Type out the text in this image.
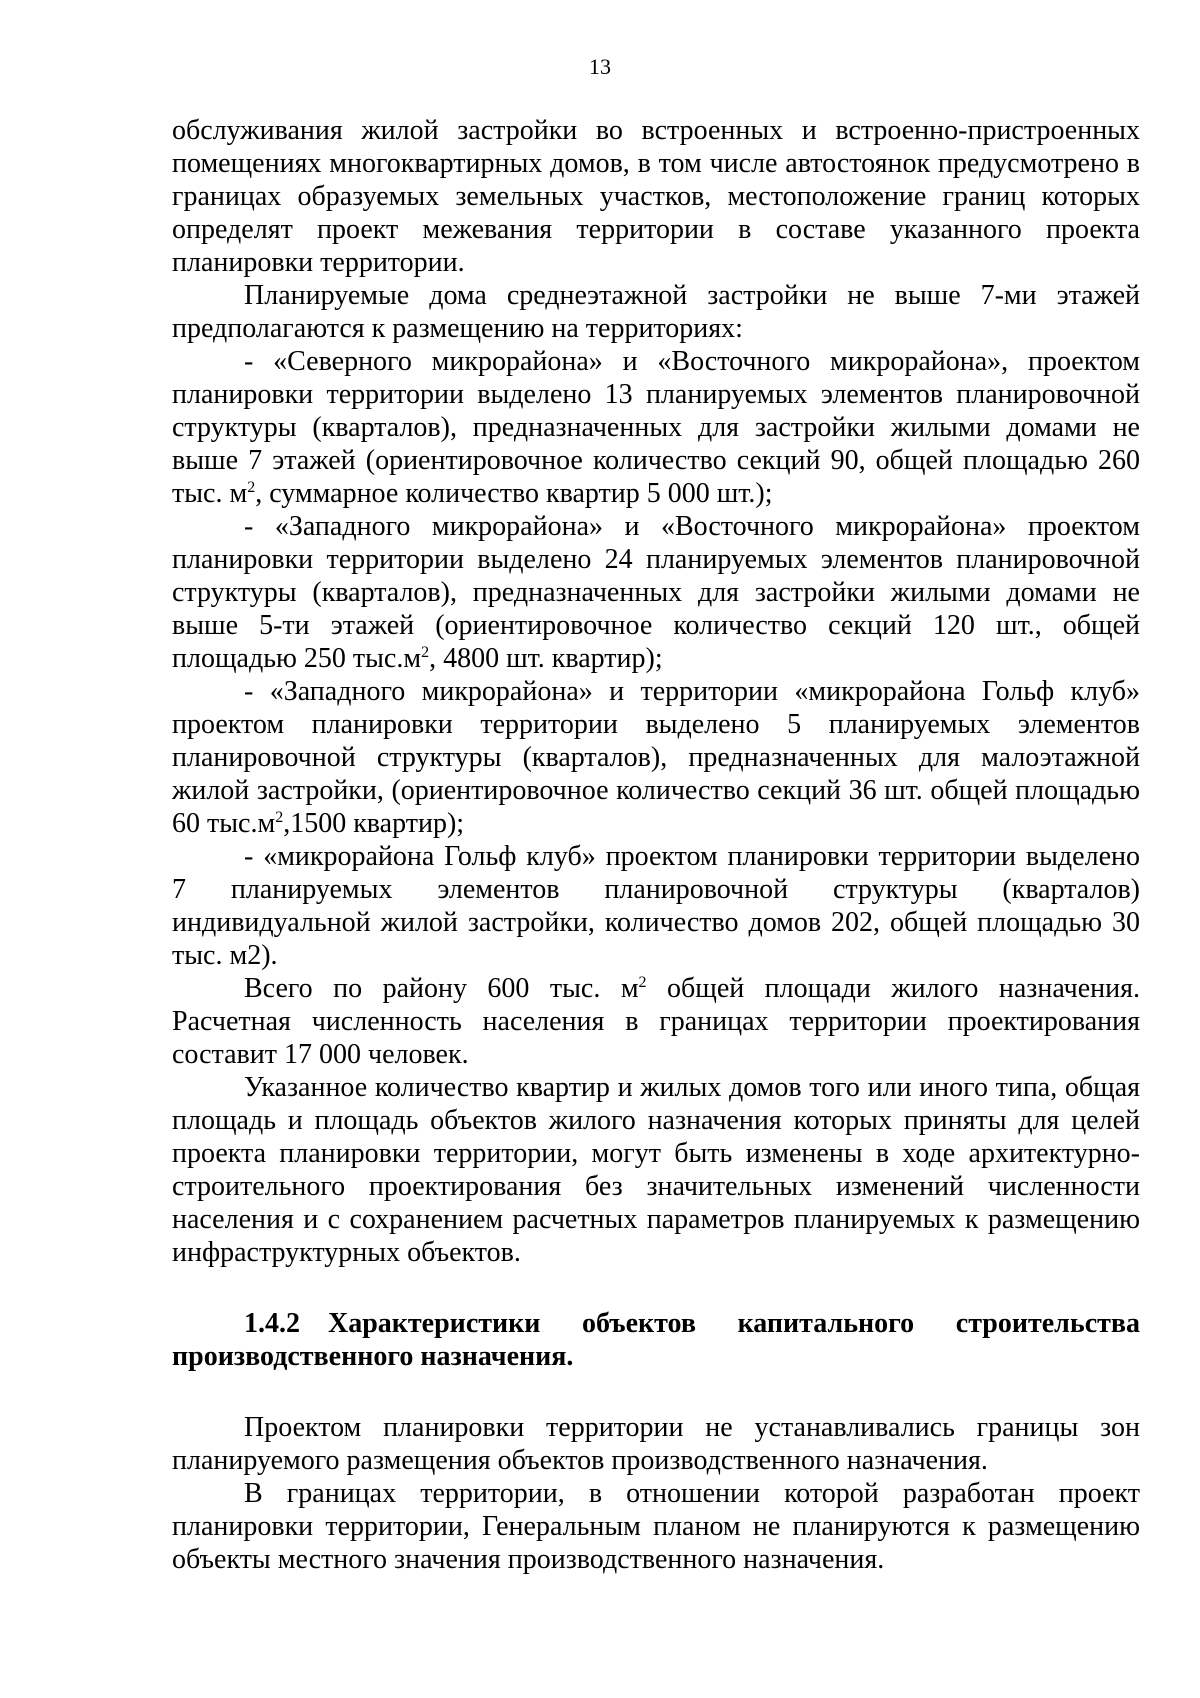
13

обслуживания жилой застройки во встроенных и встроенно-пристроенных помещениях многоквартирных домов, в том числе автостоянок предусмотрено в границах образуемых земельных участков, местоположение границ которых определят проект межевания территории в составе указанного проекта планировки территории.

Планируемые дома среднеэтажной застройки не выше 7-ми этажей предполагаются к размещению на территориях:

- «Северного микрорайона» и «Восточного микрорайона», проектом планировки территории выделено 13 планируемых элементов планировочной структуры (кварталов), предназначенных для застройки жилыми домами не выше 7 этажей (ориентировочное количество секций 90, общей площадью 260 тыс. $м^2$, суммарное количество квартир 5 000 шт.);

- «Западного микрорайона» и «Восточного микрорайона» проектом планировки территории выделено 24 планируемых элементов планировочной структуры (кварталов), предназначенных для застройки жилыми домами не выше 5-ти этажей (ориентировочное количество секций 120 шт., общей площадью 250 $тыс.м^2$, 4800 шт. квартир);

- «Западного микрорайона» и территории «микрорайона Гольф клуб» проектом планировки территории выделено 5 планируемых элементов планировочной структуры (кварталов), предназначенных для малоэтажной жилой застройки, (ориентировочное количество секций 36 шт. общей площадью 60 $тыс.м^2,1500$ квартир);

- «микрорайона Гольф клуб» проектом планировки территории выделено 7 планируемых элементов планировочной структуры (кварталов) индивидуальной жилой застройки, количество домов 202, общей площадью 30 тыс. м2).

Всего по району 600 тыс. $м^2$ общей площади жилого назначения. Расчетная численность населения в границах территории проектирования составит 17 000 человек.

Указанное количество квартир и жилых домов того или иного типа, общая площадь и площадь объектов жилого назначения которых приняты для целей проекта планировки территории, могут быть изменены в ходе архитектурно-строительного проектирования без значительных изменений численности населения и с сохранением расчетных параметров планируемых к размещению инфраструктурных объектов.

1.4.2 Характеристики объектов капитального строительства производственного назначения.

Проектом планировки территории не устанавливались границы зон планируемого размещения объектов производственного назначения.

В границах территории, в отношении которой разработан проект планировки территории, Генеральным планом не планируются к размещению объекты местного значения производственного назначения.
